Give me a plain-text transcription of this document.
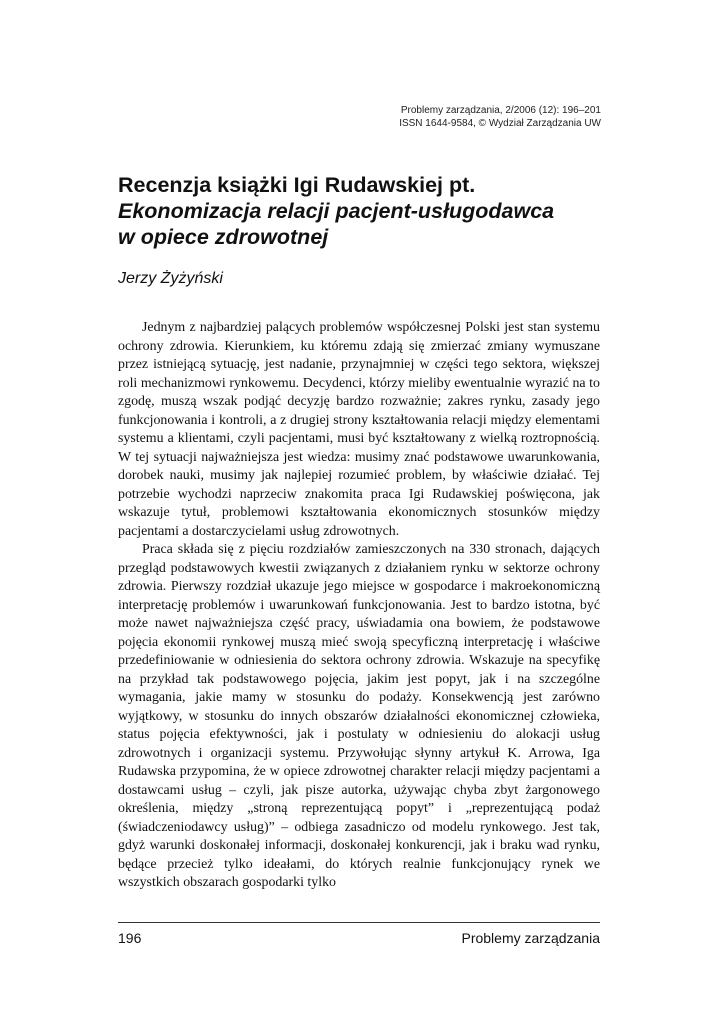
Problemy zarządzania, 2/2006 (12): 196–201
ISSN 1644-9584, © Wydział Zarządzania UW
Recenzja książki Igi Rudawskiej pt.
Ekonomizacja relacji pacjent-usługodawca
w opiece zdrowotnej
Jerzy Żyżyński

Jednym z najbardziej palących problemów współczesnej Polski jest stan systemu ochrony zdrowia. Kierunkiem, ku któremu zdają się zmierzać zmiany wymuszane przez istniejącą sytuację, jest nadanie, przynajmniej w części tego sektora, większej roli mechanizmowi rynkowemu. Decydenci, którzy mieliby ewentualnie wyrazić na to zgodę, muszą wszak podjąć decyzję bardzo rozważnie; zakres rynku, zasady jego funkcjonowania i kontroli, a z drugiej strony kształtowania relacji między elementami systemu a klientami, czyli pacjentami, musi być kształtowany z wielką roztropnością. W tej sytuacji najważniejsza jest wiedza: musimy znać podstawowe uwarunkowania, dorobek nauki, musimy jak najlepiej rozumieć problem, by właściwie działać. Tej potrzebie wychodzi naprzeciw znakomita praca Igi Rudawskiej poświęcona, jak wskazuje tytuł, problemowi kształtowania ekonomicznych stosunków między pacjentami a dostarczycielami usług zdrowotnych.

Praca składa się z pięciu rozdziałów zamieszczonych na 330 stronach, dających przegląd podstawowych kwestii związanych z działaniem rynku w sektorze ochrony zdrowia. Pierwszy rozdział ukazuje jego miejsce w gospodarce i makroekonomiczną interpretację problemów i uwarunkowań funkcjonowania. Jest to bardzo istotna, być może nawet najważniejsza część pracy, uświadamia ona bowiem, że podstawowe pojęcia ekonomii rynkowej muszą mieć swoją specyficzną interpretację i właściwe przedefiniowanie w odniesienia do sektora ochrony zdrowia. Wskazuje na specyfikę na przykład tak podstawowego pojęcia, jakim jest popyt, jak i na szczególne wymagania, jakie mamy w stosunku do podaży. Konsekwencją jest zarówno wyjątkowy, w stosunku do innych obszarów działalności ekonomicznej człowieka, status pojęcia efektywności, jak i postulaty w odniesieniu do alokacji usług zdrowotnych i organizacji systemu. Przywołując słynny artykuł K. Arrowa, Iga Rudawska przypomina, że w opiece zdrowotnej charakter relacji między pacjentami a dostawcami usług – czyli, jak pisze autorka, używając chyba zbyt żargonowego określenia, między „stroną reprezentującą popyt” i „reprezentującą podaż (świadczeniodawcy usług)” – odbiega zasadniczo od modelu rynkowego. Jest tak, gdyż warunki doskonałej informacji, doskonałej konkurencji, jak i braku wad rynku, będące przecież tylko ideałami, do których realnie funkcjonujący rynek we wszystkich obszarach gospodarki tylko

196	Problemy zarządzania
